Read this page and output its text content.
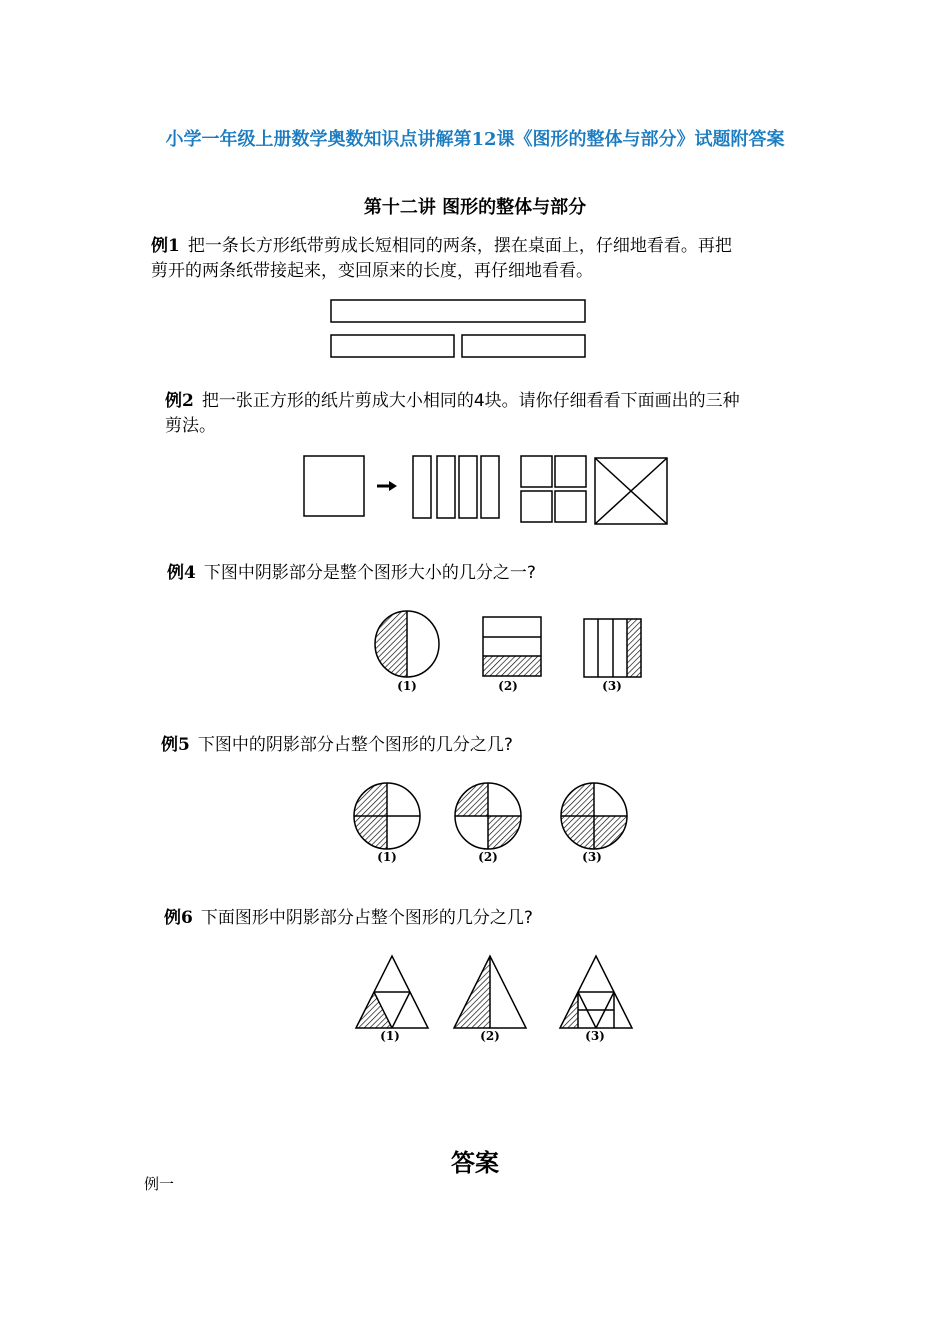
小学一年级上册数学奥数知识点讲解第12课《图形的整体与部分》试题附答案
第十二讲 图形的整体与部分
例1 把一条长方形纸带剪成长短相同的两条，摆在桌面上，仔细地看看。再把
剪开的两条纸带接起来，变回原来的长度，再仔细地看看。
例2 把一张正方形的纸片剪成大小相同的4块。请你仔细看看下面画出的三种
剪法。
例4 下图中阴影部分是整个图形大小的几分之一?
例5 下图中的阴影部分占整个图形的几分之几?
例6 下面图形中阴影部分占整个图形的几分之几?
(1)	(2)	(3)
(1)	(2)	(3)
(1)	(2)	(3)
答案
例一
